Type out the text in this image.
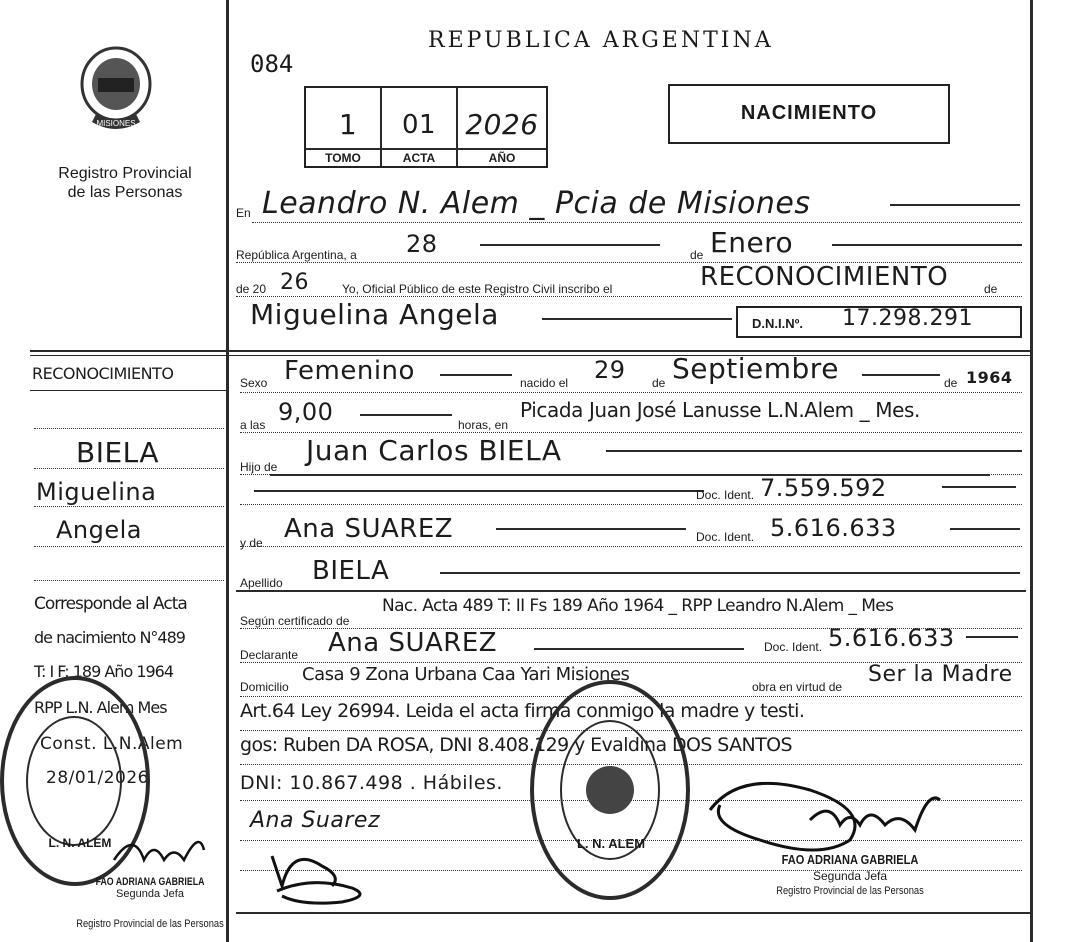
MISIONES
Registro Provincial
de las Personas
084
REPUBLICA ARGENTINA
1	01	2026
TOMO	ACTA	AÑO
NACIMIENTO
En Leandro N. Alem _ Pcia de Misiones
República Argentina, a 28	de Enero
de 20 26	Yo, Oficial Público de este Registro Civil inscribo el	RECONOCIMIENTO	de
Miguelina Angela	D.N.I.Nº. 17.298.291
Sexo Femenino	nacido el 29 de Septiembre	de 1964
a las 9,00	horas, en
Picada Juan José Lanusse L.N.Alem _ Mes.
Hijo de Juan Carlos BIELA
Doc. Ident. 7.559.592
y de Ana SUAREZ	Doc. Ident. 5.616.633
Apellido BIELA
Según certificado de
Nac. Acta 489 T: II Fs 189 Año 1964 _ RPP Leandro N.Alem _ Mes
Declarante Ana SUAREZ	Doc. Ident. 5.616.633
Domicilio
Casa 9 Zona Urbana Caa Yari Misiones
obra en virtud de Ser la Madre
Art.64 Ley 26994. Leida el acta firma conmigo la madre y testi.
gos: Ruben DA ROSA, DNI 8.408.129 y Evaldina DOS SANTOS
DNI: 10.867.498 . Hábiles.
Ana Suarez
FAO ADRIANA GABRIELA
Segunda Jefa
Registro Provincial de las Personas
L. N. ALEM
RECONOCIMIENTO
BIELA
Miguelina
Angela
Corresponde al Acta
de nacimiento N°489
T: I F: 189 Año 1964
RPP L.N. Alem Mes
Const. L.N.Alem
28/01/2026
L. N. ALEM
FAO ADRIANA GABRIELA
Segunda Jefa
Registro Provincial de las Personas
